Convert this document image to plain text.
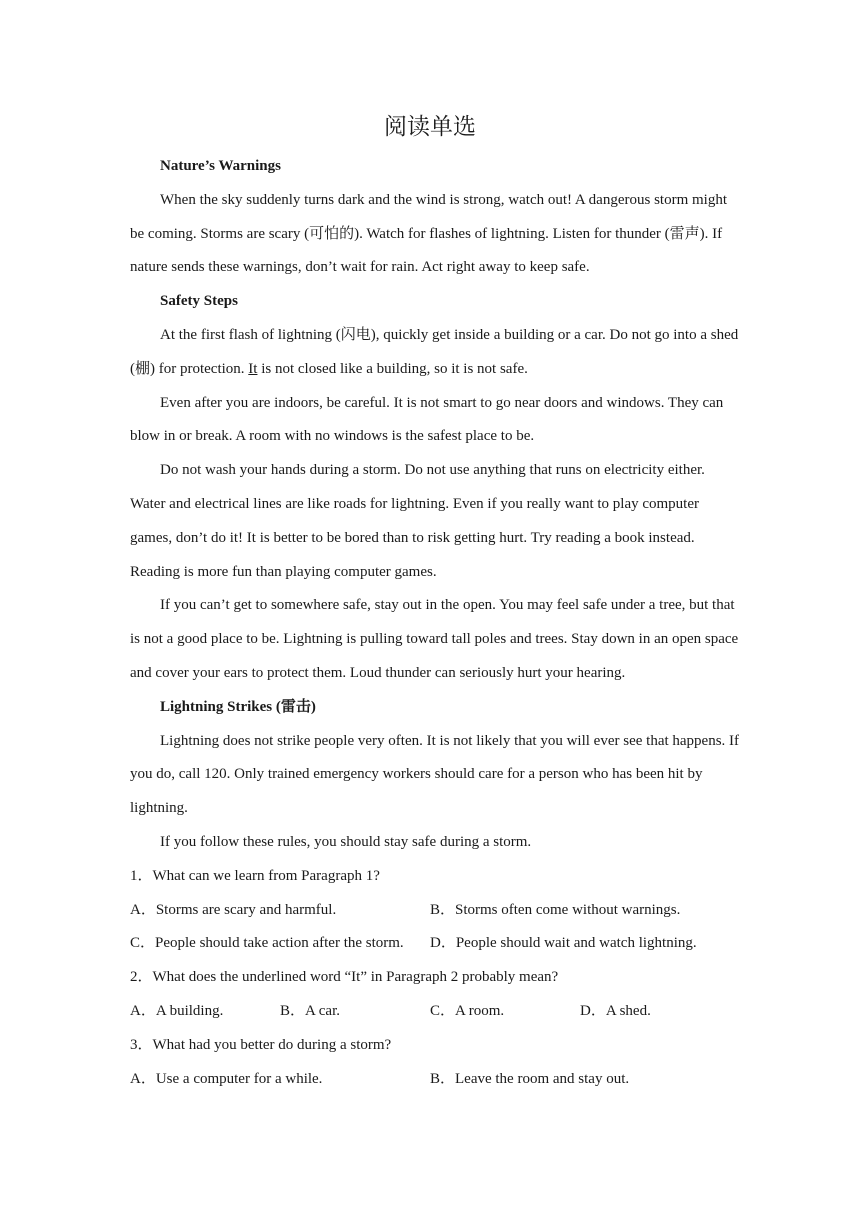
阅读单选

Nature’s Warnings

When the sky suddenly turns dark and the wind is strong, watch out! A dangerous storm might be coming. Storms are scary (可怕的). Watch for flashes of lightning. Listen for thunder (雷声). If nature sends these warnings, don’t wait for rain. Act right away to keep safe.

Safety Steps

At the first flash of lightning (闪电), quickly get inside a building or a car. Do not go into a shed (棚) for protection. It is not closed like a building, so it is not safe.

Even after you are indoors, be careful. It is not smart to go near doors and windows. They can blow in or break. A room with no windows is the safest place to be.

Do not wash your hands during a storm. Do not use anything that runs on electricity either. Water and electrical lines are like roads for lightning. Even if you really want to play computer games, don’t do it! It is better to be bored than to risk getting hurt. Try reading a book instead. Reading is more fun than playing computer games.

If you can’t get to somewhere safe, stay out in the open. You may feel safe under a tree, but that is not a good place to be. Lightning is pulling toward tall poles and trees. Stay down in an open space and cover your ears to protect them. Loud thunder can seriously hurt your hearing.

Lightning Strikes (雷击)

Lightning does not strike people very often. It is not likely that you will ever see that happens. If you do, call 120. Only trained emergency workers should care for a person who has been hit by lightning.

If you follow these rules, you should stay safe during a storm.

1．What can we learn from Paragraph 1?

A．Storms are scary and harmful.	B．Storms often come without warnings.
C．People should take action after the storm.	D．People should wait and watch lightning.

2．What does the underlined word “It” in Paragraph 2 probably mean?

A．A building.	B．A car.	C．A room.	D．A shed.

3．What had you better do during a storm?

A．Use a computer for a while.	B．Leave the room and stay out.
